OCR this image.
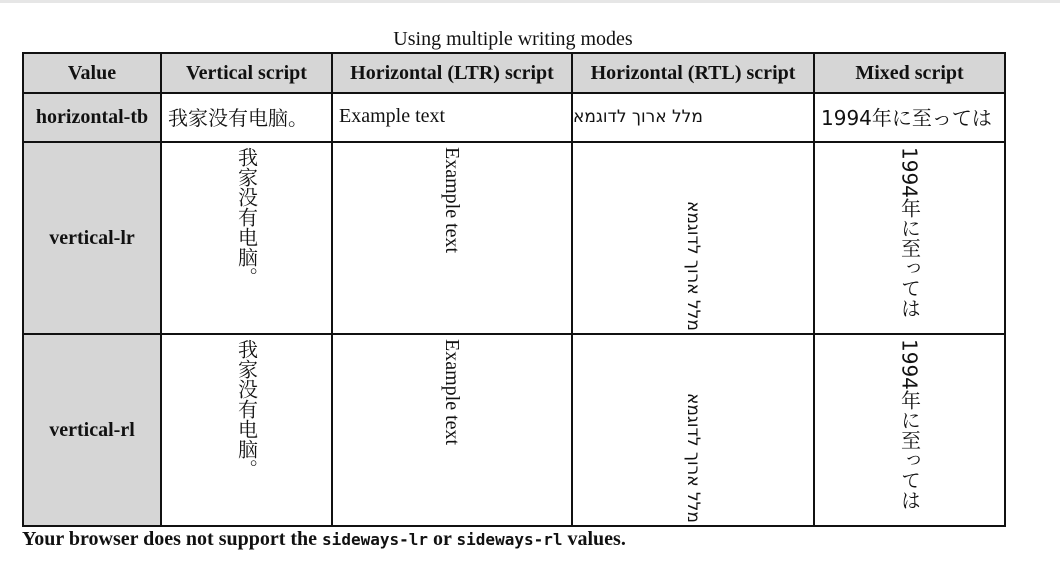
Using multiple writing modes
Value	Vertical script	Horizontal (LTR) script	Horizontal (RTL) script	Mixed script
horizontal-tb	我家没有电脑。	Example text	מלל ארוך לדוגמא	1994年に至っては

vertical-lr	我家没有电脑。	Example text	מלל ארוך לדוגמא	1994年に至っては

vertical-rl	我家没有电脑。	Example text	מלל ארוך לדוגמא	1994年に至っては
Your browser does not support the sideways-lr or sideways-rl values.
